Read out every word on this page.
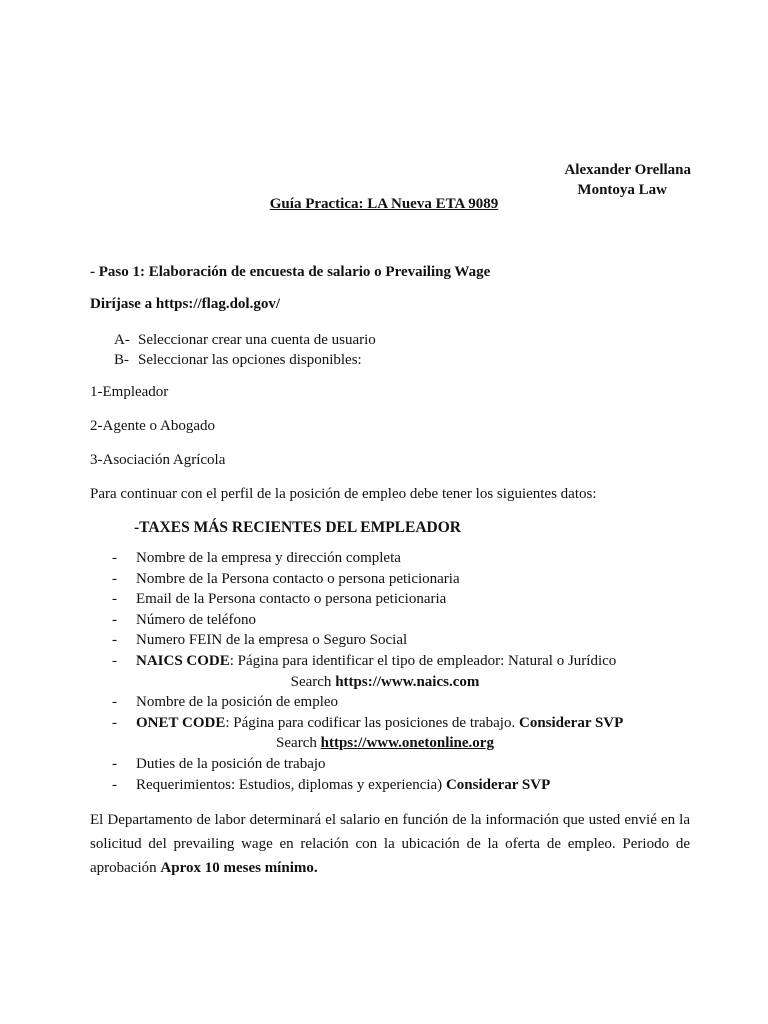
Alexander Orellana
Montoya Law
Guía Practica: LA Nueva ETA 9089
- Paso 1: Elaboración de encuesta de salario o Prevailing Wage
Diríjase a https://flag.dol.gov/
A- Seleccionar crear una cuenta de usuario
B- Seleccionar las opciones disponibles:
1-Empleador
2-Agente o Abogado
3-Asociación Agrícola
Para continuar con el perfil de la posición de empleo debe tener los siguientes datos:
-TAXES MÁS RECIENTES DEL EMPLEADOR
- Nombre de la empresa y dirección completa
- Nombre de la Persona contacto o persona peticionaria
- Email de la Persona contacto o persona peticionaria
- Número de teléfono
- Numero FEIN de la empresa o Seguro Social
- NAICS CODE: Página para identificar el tipo de empleador: Natural o Jurídico
Search https://www.naics.com
- Nombre de la posición de empleo
- ONET CODE: Página para codificar las posiciones de trabajo. Considerar SVP
Search https://www.onetonline.org
- Duties de la posición de trabajo
- Requerimientos: Estudios, diplomas y experiencia) Considerar SVP
El Departamento de labor determinará el salario en función de la información que usted envié en la solicitud del prevailing wage en relación con la ubicación de la oferta de empleo. Periodo de aprobación Aprox 10 meses mínimo.
